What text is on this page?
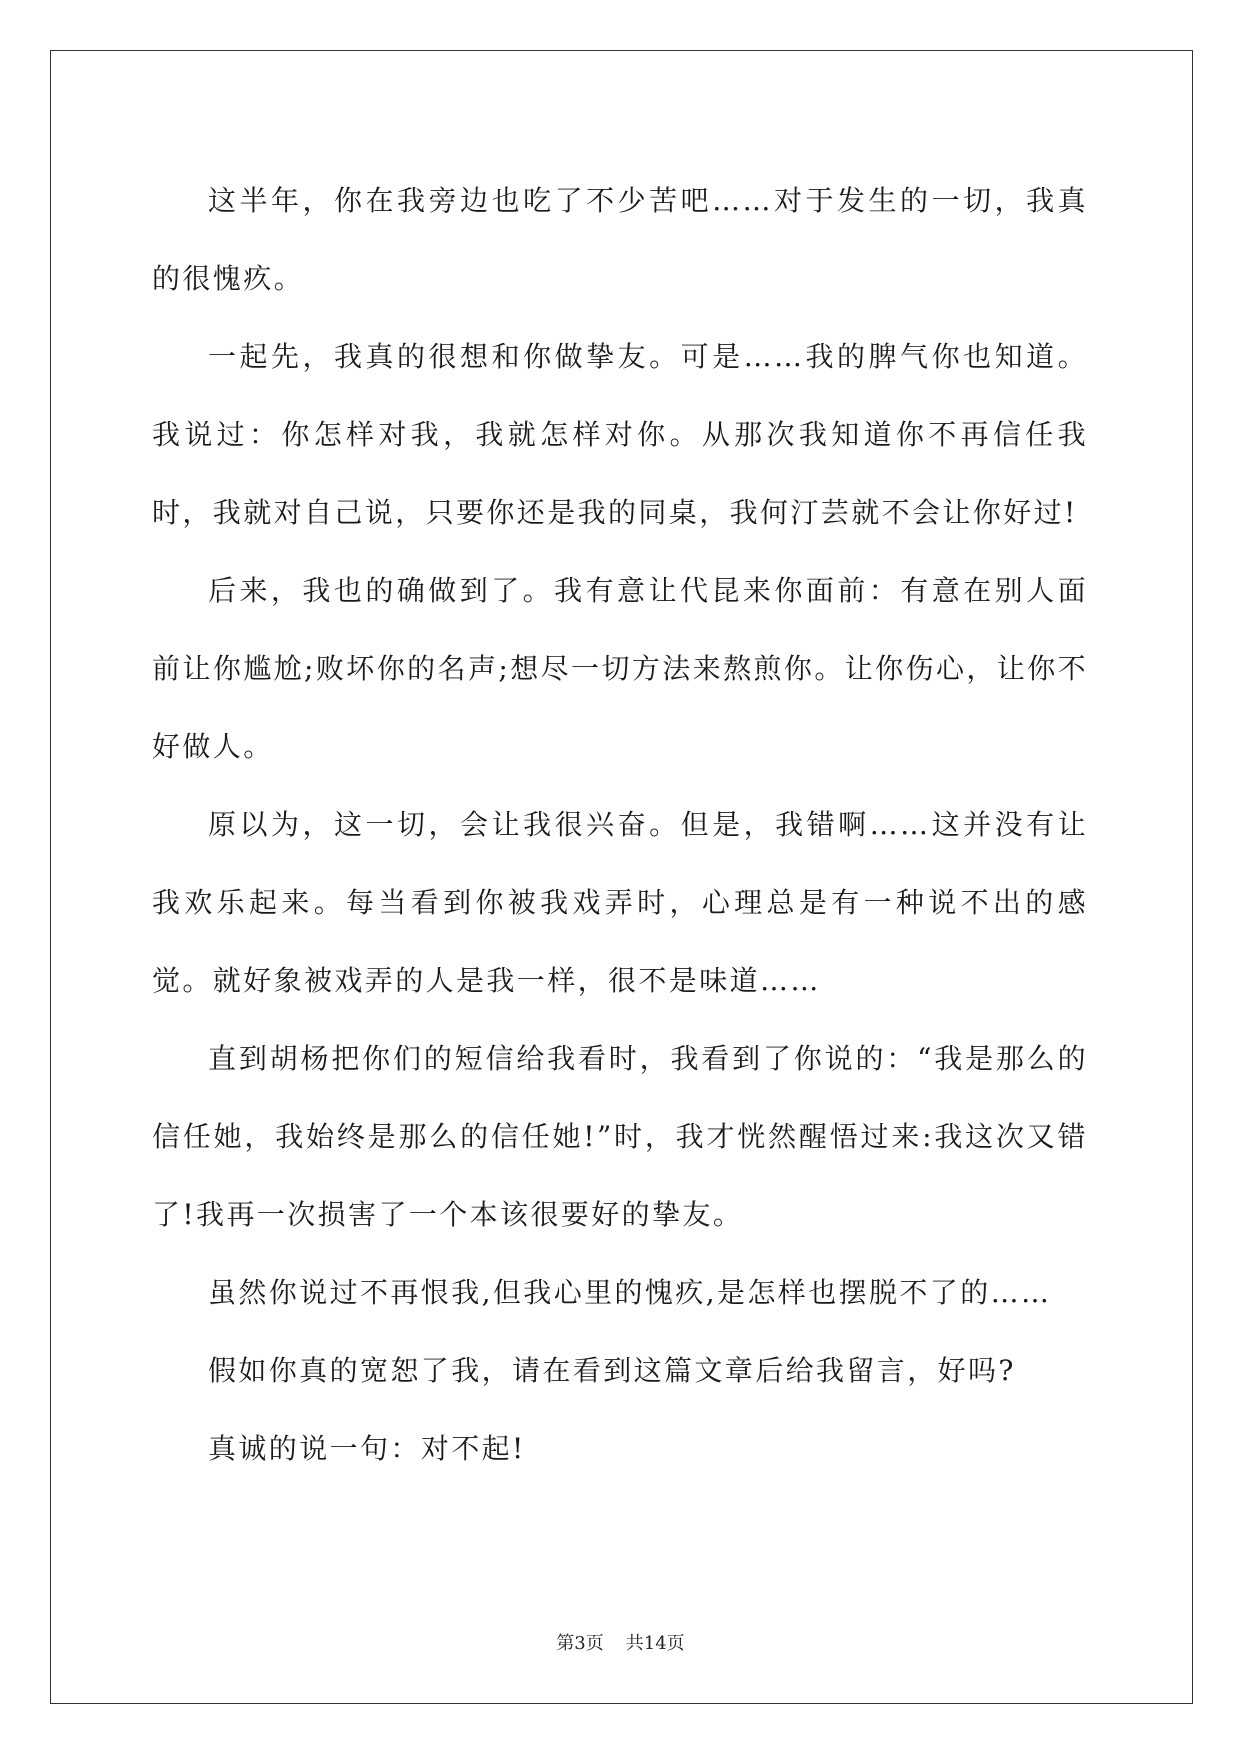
这半年，你在我旁边也吃了不少苦吧……对于发生的一切，我真的很愧疚。

一起先，我真的很想和你做挚友。可是……我的脾气你也知道。我说过：你怎样对我，我就怎样对你。从那次我知道你不再信任我时，我就对自己说，只要你还是我的同桌，我何汀芸就不会让你好过!

后来，我也的确做到了。我有意让代昆来你面前：有意在别人面前让你尴尬;败坏你的名声;想尽一切方法来熬煎你。让你伤心，让你不好做人。

原以为，这一切，会让我很兴奋。但是，我错啊……这并没有让我欢乐起来。每当看到你被我戏弄时，心理总是有一种说不出的感觉。就好象被戏弄的人是我一样，很不是味道……

直到胡杨把你们的短信给我看时，我看到了你说的：“我是那么的信任她，我始终是那么的信任她!”时，我才恍然醒悟过来:我这次又错了!我再一次损害了一个本该很要好的挚友。

虽然你说过不再恨我,但我心里的愧疚,是怎样也摆脱不了的……

假如你真的宽恕了我，请在看到这篇文章后给我留言，好吗?

真诚的说一句：对不起!

第3页 共14页
